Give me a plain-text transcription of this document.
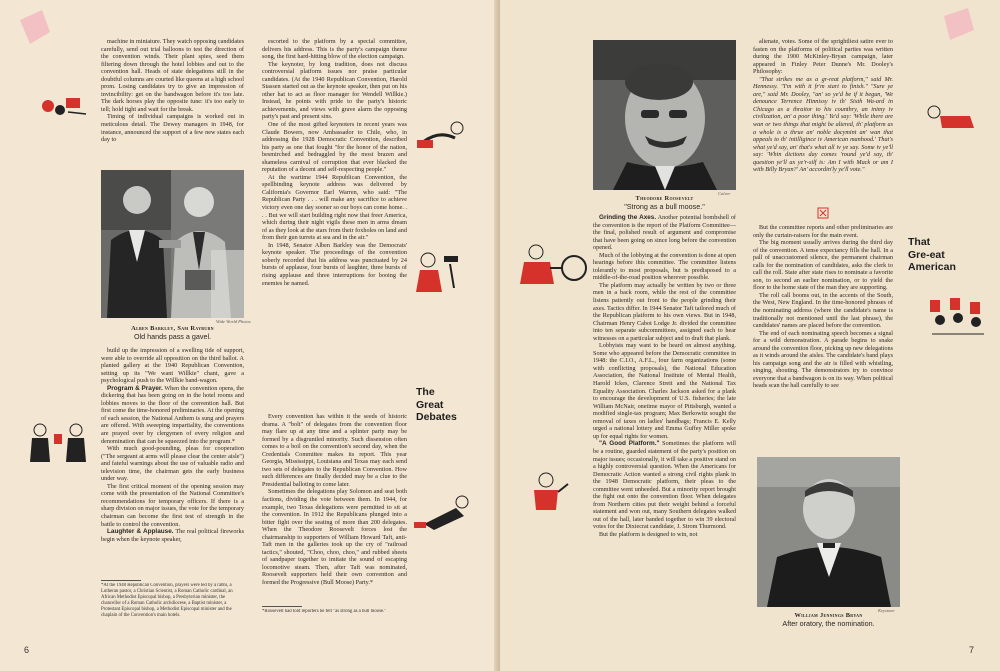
machine in miniature. They watch opposing candidates carefully, send out trial balloons to test the direction of the convention winds. Their plant spies, seed them filtering down through the hotel lobbies and out to the convention hall. Heads of state delegations still in the doubtful columns are courted like queens at a high school prom. Losing candidates try to give an impression of invincibility: get on the bandwagon before it's too late. The dark horses play the opposite tune: it's too early to tell; hold tight and wait for the break.

Timing of individual campaigns is worked out in meticulous detail. The Dewey managers in 1948, for instance, announced the support of a few new states each day to

Wide World Photos
Alben Barkley, Sam Rayburn
Old hands pass a gavel.

build up the impression of a swelling tide of support, were able to override all opposition on the third ballot. A planted gallery at the 1940 Republican Convention, setting up its "We want Willkie" chant, gave a psychological push to the Willkie band-wagon.

Program & Prayer. When the convention opens, the dickering that has been going on in the hotel rooms and lobbies moves to the floor of the convention hall. But first come the time-honored preliminaries. At the opening of each session, the National Anthem is sung and prayers are offered. With sweeping impartiality, the conventions are prayed over by clergymen of every religion and denomination that can be squeezed into the program.*

With much good-pounding, pleas for cooperation ("The sergeant at arms will please clear the center aisle") and fateful warnings about the use of valuable radio and television time, the chairman gets the early business under way.

The first critical moment of the opening session may come with the presentation of the National Committee's recommendations for temporary officers. If there is a sharp division on major issues, the vote for the temporary chairman can become the first test of strength in the battle to control the convention.

Laughter & Applause. The real political fireworks begin when the keynote speaker,

*At the 1948 Republican Convention, prayers were led by a rabbi, a Lutheran pastor, a Christian Scientist, a Roman Catholic cardinal, an African Methodist Episcopal bishop, a Presbyterian minister, the chancellor of a Roman Catholic archdiocese, a Baptist minister, a Protestant Episcopal bishop, a Methodist Episcopal minister and the chaplain of the Convention's main hotels.

escorted to the platform by a special committee, delivers his address. This is the party's campaign theme song, the first hard-hitting blow of the election campaign.

The keynoter, by long tradition, does not discuss controversial platform issues nor praise particular candidates. (At the 1940 Republican Convention, Harold Stassen started out as the keynote speaker, then put on his other hat to act as floor manager for Wendell Willkie.) Instead, he points with pride to the party's historic achievements, and views with grave alarm the opposing party's past and present sins.

One of the most gifted keynoters in recent years was Claude Bowers, now Ambassador to Chile, who, in addressing the 1928 Democratic Convention, described his party as one that fought "for the honor of the nation, besmirched and bedraggled by the most brazen and shameless carnival of corruption that ever blacked the reputation of a decent and self-respecting people."

At the wartime 1944 Republican Convention, the spellbinding keynote address was delivered by California's Governor Earl Warren, who said: "The Republican Party . . . will make any sacrifice to achieve victory even one day sooner so our boys can come home. . . . But we will start building right now that freer America, which during their night vigils these men in arms dream of as they look at the stars from their foxholes on land and from their gun turrets at sea and in the air."

In 1948, Senator Alben Barkley was the Democrats' keynote speaker. The proceedings of the convention soberly recorded that his address was punctuated by 24 bursts of applause, four bursts of laughter, three bursts of rising applause and three interruptions for booing the enemies he named.

Every convention has within it the seeds of historic drama. A "bolt" of delegates from the convention floor may flare up at any time and a splinter party may be formed by a disgruntled minority. Such dissension often comes to a boil on the convention's second day, when the Credentials Committee makes its report. This year Georgia, Mississippi, Louisiana and Texas may each send two sets of delegates to the Republican Convention. How such differences are finally decided may be a clue to the Presidential balloting to come later.

Sometimes the delegations play Solomon and seat both factions, dividing the vote between them. In 1944, for example, two Texas delegations were permitted to sit at the convention. In 1912 the Republicans plunged into a bitter fight over the seating of more than 200 delegates. When the Theodore Roosevelt forces lost the chairmanship to supporters of William Howard Taft, anti-Taft men in the galleries took up the cry of "railroad tactics," shouted, "Choo, choo, choo," and rubbed sheets of sandpaper together to imitate the sound of escaping locomotive steam. Then, after Taft was nominated, Roosevelt supporters held their own convention and formed the Progressive (Bull Moose) Party.*

*Roosevelt had told reporters he felt "as strong as a bull moose."
The
Great
Debates
6
Culver
Theodore Roosevelt
"Strong as a bull moose."

Grinding the Axes. Another potential bombshell of the convention is the report of the Platform Committee—the final, polished result of argument and compromise that have been going on since long before the convention opened.

Much of the lobbying at the convention is done at open hearings before this committee. The committee listens tolerantly to most proposals, but is predisposed to a middle-of-the-road position wherever possible.

The platform may actually be written by two or three men in a back room, while the rest of the committee listens patiently out front to the people grinding their axes. Tactics differ. In 1944 Senator Taft tailored much of the Republican platform to his own views. But in 1948, Chairman Henry Cabot Lodge Jr. divided the committee into ten separate subcommittees, assigned each to hear witnesses on a particular subject and to draft that plank.

Lobbyists may want to be heard on almost anything. Some who appeared before the Democratic committee in 1948: the C.I.O., A.F.L., four farm organizations (some with conflicting proposals), the National Education Association, the National Institute of Mental Health, Harold Ickes, Clarence Streit and the National Tax Equality Association. Charles Jackson asked for a plank to encourage the development of U.S. fisheries; the late William McNair, onetime mayor of Pittsburgh, wanted a modified single-tax program; Max Berkowitz sought the removal of taxes on ladies' handbags; Francis E. Kelly urged a national lottery and Emma Guffey Miller spoke up for equal rights for women.

"A Good Platform." Sometimes the platform will be a routine, guarded statement of the party's position on major issues; occasionally, it will take a positive stand on a highly controversial question. When the Americans for Democratic Action wanted a strong civil rights plank in the 1948 Democratic platform, their pleas to the committee went unheeded. But a minority report brought the fight out onto the convention floor. When delegates from Northern cities put their weight behind a forceful statement and won out, many Southern delegates walked out of the hall, later banded together to win 39 electoral votes for the Dixiecrat candidate, J. Strom Thurmond.

But the platform is designed to win, not

alienate, votes. Some of the sprightliest satire ever to fasten on the platforms of political parties was written during the 1900 McKinley-Bryan campaign, later appeared in Finley Peter Dunne's Mr. Dooley's Philosophy:

"That strikes me as a gr-reat platform," said Mr. Hennessy. "I'm with it fr'm start to finish." "Sure ye are," said Mr. Dooley, "an' so ye'd be if it begun, 'We denounce Terrence Hinnissy iv th' Sixth Wa-ard in Chicago as a thraitor to his counthry, an inimy iv civilization, an' a poor thing.' Ye'd say: 'While there are wan or two things that might be altered, th' platform as a whole is a thrue an' noble docymint an' wan that appeals to th' intilligince iv American manhood.' That's what ye'd say, an' that's what all iv ye say. Some iv ye'll say: 'Whin dictions day comes 'round ye'd say, th' question ye'll ax ye'r-silf is: Am I with Mack or am I with Billy Bryan?' An' accordin'ly ye'll vote."

But the committee reports and other preliminaries are only the curtain-raisers for the main event.

The big moment usually arrives during the third day of the convention. A tense expectancy fills the hall. In a pall of unaccustomed silence, the permanent chairman calls for the nomination of candidates, asks the clerk to call the roll. State after state rises to nominate a favorite son, to second an earlier nomination, or to yield the floor to the home state of the man they are supporting.

The roll call booms out, in the accents of the South, the West, New England. In the time-honored phrases of the nominating address (where the candidate's name is traditionally not mentioned until the last phrase), the candidates' names are placed before the convention.

The end of each nominating speech becomes a signal for a wild demonstration. A parade begins to snake around the convention floor, picking up new delegations as it winds around the aisles. The candidate's band plays his campaign song and the air is filled with whistling, singing, shouting. The demonstrators try to convince everyone that a bandwagon is on its way. When political heads scan the hall carefully to see

That
Gre-eat
American
Keystone
William Jennings Bryan
After oratory, the nomination.
7
